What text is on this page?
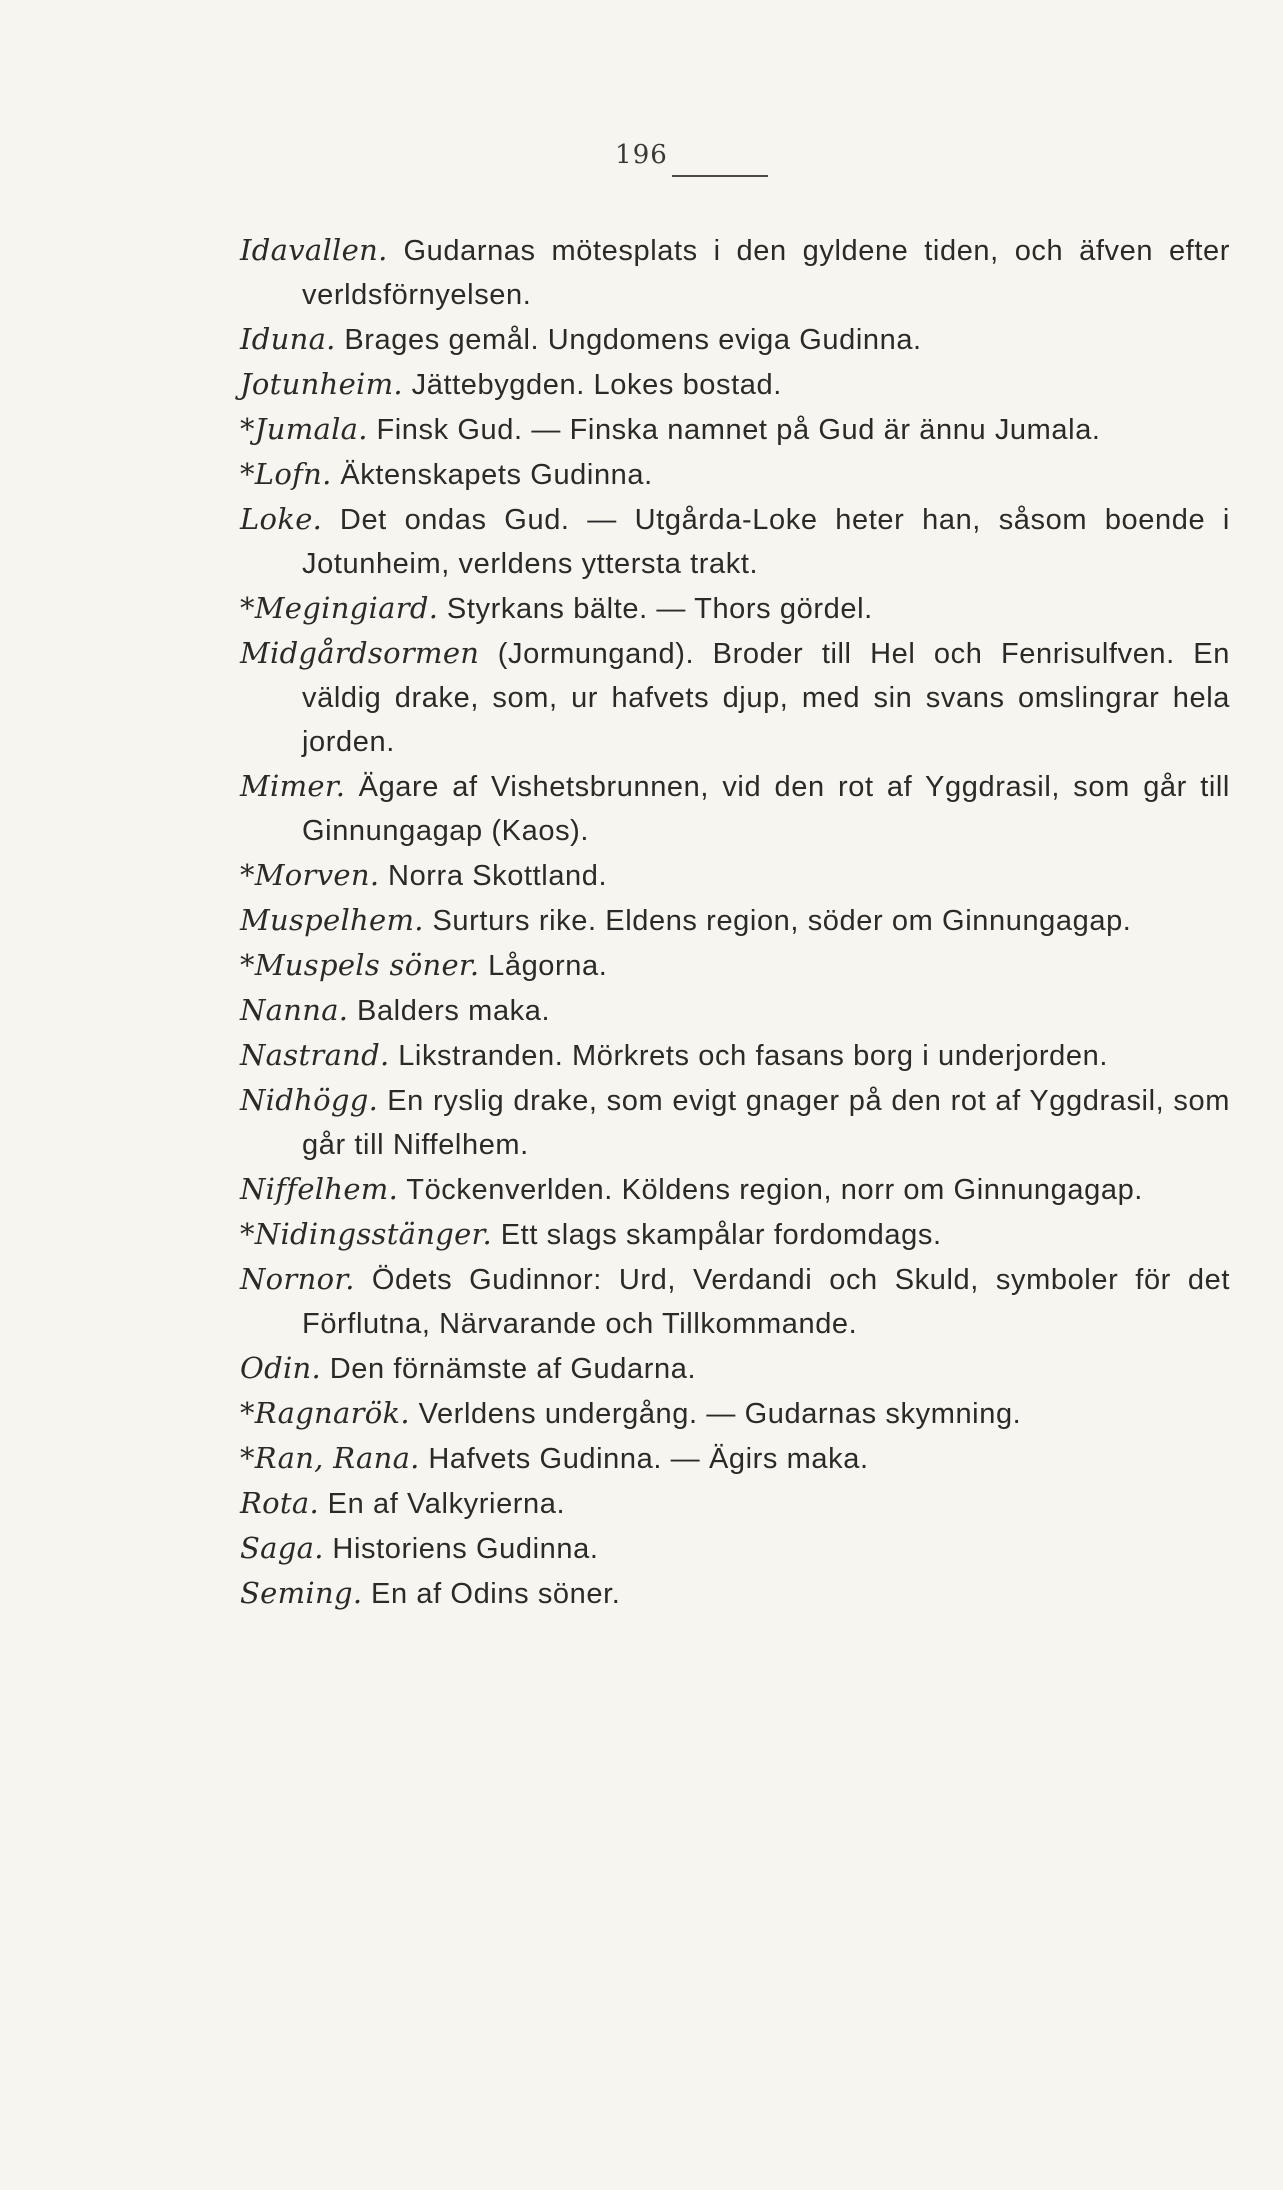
196

Idavallen. Gudarnas mötesplats i den gyldene tiden, och äfven efter verldsförnyelsen.

Iduna. Brages gemål. Ungdomens eviga Gudinna.

Jotunheim. Jättebygden. Lokes bostad.

*Jumala. Finsk Gud. — Finska namnet på Gud är ännu Jumala.

*Lofn. Äktenskapets Gudinna.

Loke. Det ondas Gud. — Utgårda-Loke heter han, såsom boende i Jotunheim, verldens yttersta trakt.

*Megingiard. Styrkans bälte. — Thors gördel.

Midgårdsormen (Jormungand). Broder till Hel och Fenrisulfven. En väldig drake, som, ur hafvets djup, med sin svans omslingrar hela jorden.

Mimer. Ägare af Vishetsbrunnen, vid den rot af Yggdrasil, som går till Ginnungagap (Kaos).

*Morven. Norra Skottland.

Muspelhem. Surturs rike. Eldens region, söder om Ginnungagap.

*Muspels söner. Lågorna.

Nanna. Balders maka.

Nastrand. Likstranden. Mörkrets och fasans borg i underjorden.

Nidhögg. En ryslig drake, som evigt gnager på den rot af Yggdrasil, som går till Niffelhem.

Niffelhem. Töckenverlden. Köldens region, norr om Ginnungagap.

*Nidingsstänger. Ett slags skampålar fordomdags.

Nornor. Ödets Gudinnor: Urd, Verdandi och Skuld, symboler för det Förflutna, Närvarande och Tillkommande.

Odin. Den förnämste af Gudarna.

*Ragnarök. Verldens undergång. — Gudarnas skymning.

*Ran, Rana. Hafvets Gudinna. — Ägirs maka.

Rota. En af Valkyrierna.

Saga. Historiens Gudinna.

Seming. En af Odins söner.
